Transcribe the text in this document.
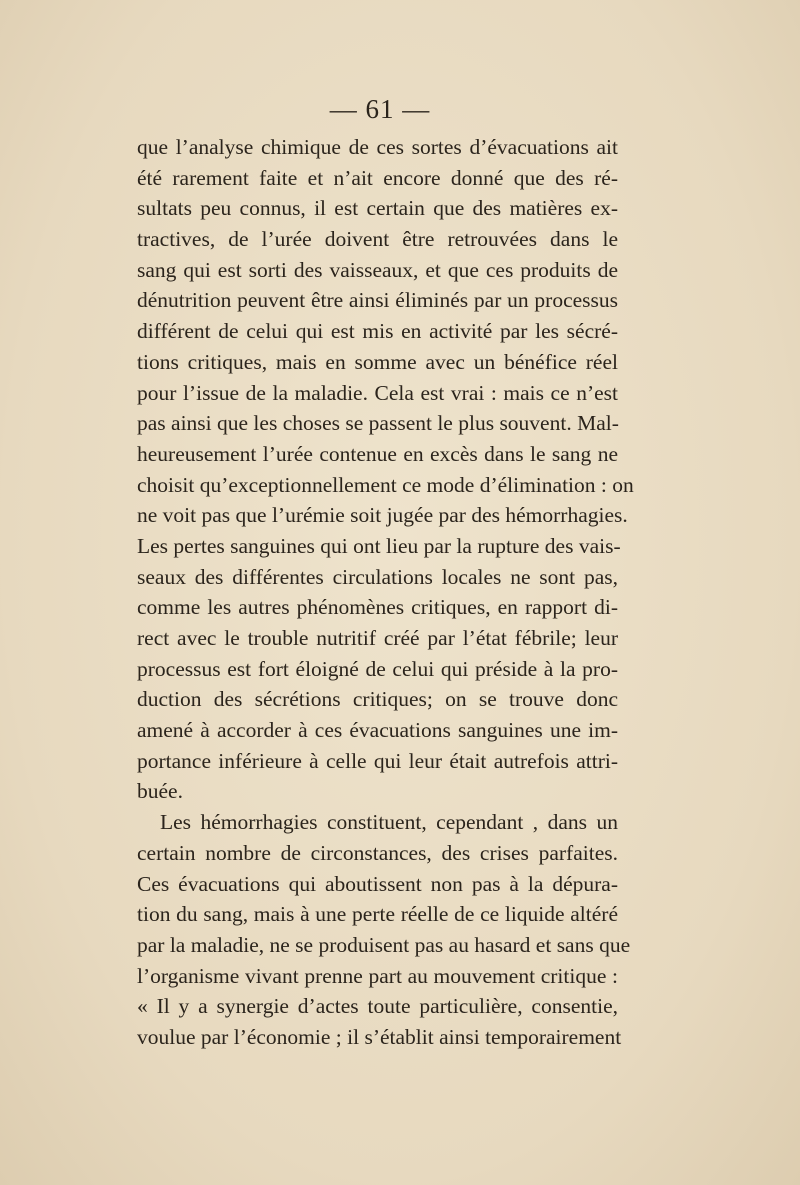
— 61 —
que l’analyse chimique de ces sortes d’évacuations ait
été rarement faite et n’ait encore donné que des ré-
sultats peu connus, il est certain que des matières ex-
tractives, de l’urée doivent être retrouvées dans le
sang qui est sorti des vaisseaux, et que ces produits de
dénutrition peuvent être ainsi éliminés par un processus
différent de celui qui est mis en activité par les sécré-
tions critiques, mais en somme avec un bénéfice réel
pour l’issue de la maladie. Cela est vrai : mais ce n’est
pas ainsi que les choses se passent le plus souvent. Mal-
heureusement l’urée contenue en excès dans le sang ne
choisit qu’exceptionnellement ce mode d’élimination : on
ne voit pas que l’urémie soit jugée par des hémorrhagies.
Les pertes sanguines qui ont lieu par la rupture des vais-
seaux des différentes circulations locales ne sont pas,
comme les autres phénomènes critiques, en rapport di-
rect avec le trouble nutritif créé par l’état fébrile; leur
processus est fort éloigné de celui qui préside à la pro-
duction des sécrétions critiques; on se trouve donc
amené à accorder à ces évacuations sanguines une im-
portance inférieure à celle qui leur était autrefois attri-
buée.
Les hémorrhagies constituent, cependant , dans un
certain nombre de circonstances, des crises parfaites.
Ces évacuations qui aboutissent non pas à la dépura-
tion du sang, mais à une perte réelle de ce liquide altéré
par la maladie, ne se produisent pas au hasard et sans que
l’organisme vivant prenne part au mouvement critique :
« Il y a synergie d’actes toute particulière, consentie,
voulue par l’économie ; il s’établit ainsi temporairement
